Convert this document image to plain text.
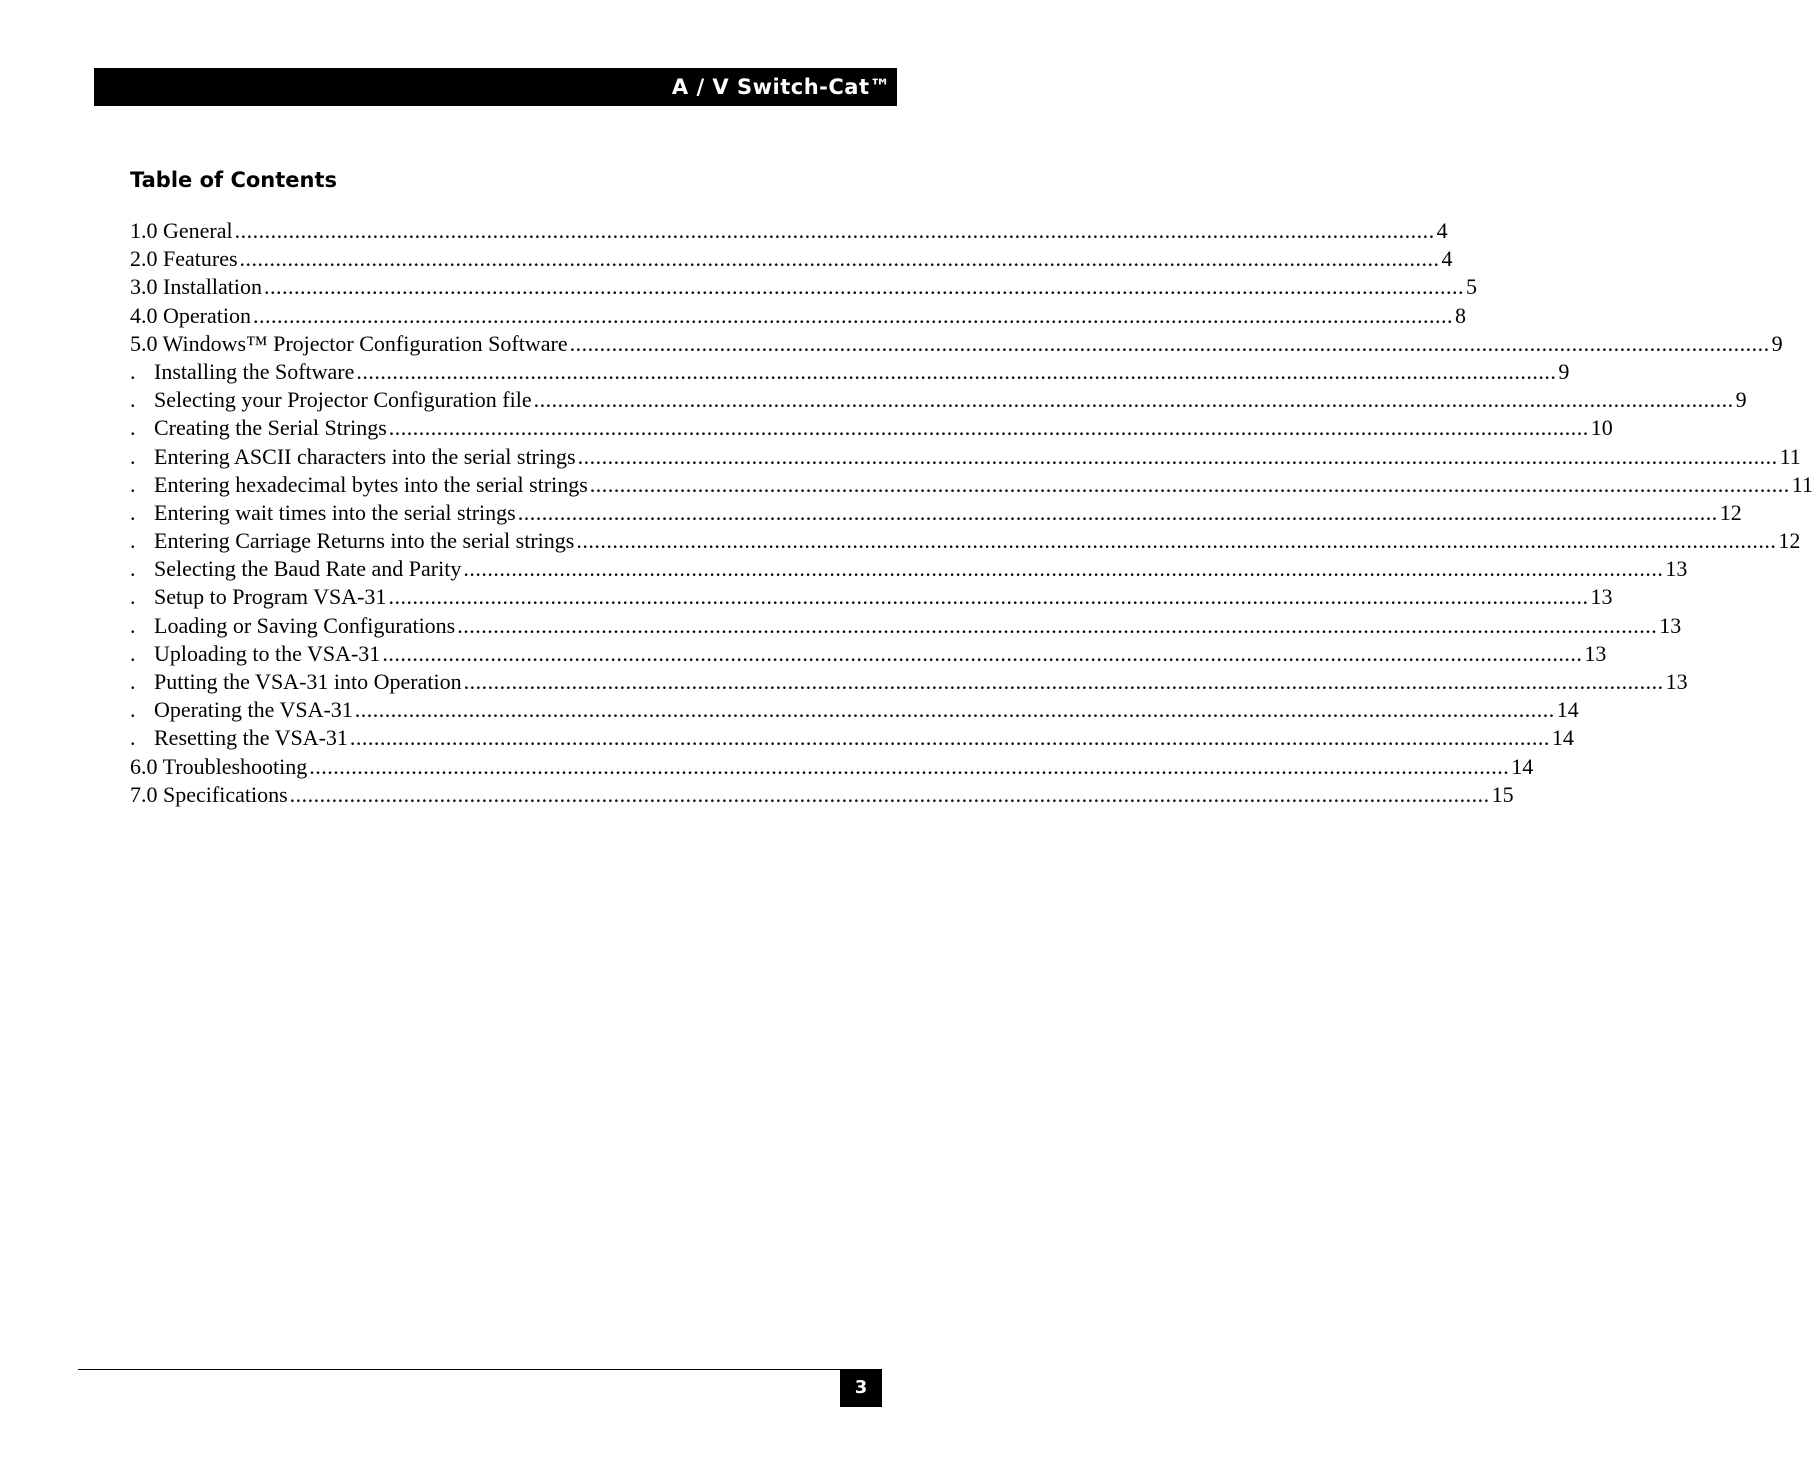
A / V Switch-Cat™
Table of Contents
1.0 General ........................................................................................................................................................................................................ 4
2.0 Features ........................................................................................................................................................................................................ 4
3.0 Installation ........................................................................................................................................................................................................ 5
4.0 Operation ........................................................................................................................................................................................................ 8
5.0 Windows™ Projector Configuration Software ........................................................................................................................................................................................................ 9
. Installing the Software ........................................................................................................................................................................................................ 9
. Selecting your Projector Configuration file ........................................................................................................................................................................................................ 9
. Creating the Serial Strings ........................................................................................................................................................................................................ 10
. Entering ASCII characters into the serial strings ........................................................................................................................................................................................................ 11
. Entering hexadecimal bytes into the serial strings ........................................................................................................................................................................................................ 11
. Entering wait times into the serial strings ........................................................................................................................................................................................................ 12
. Entering Carriage Returns into the serial strings ........................................................................................................................................................................................................ 12
. Selecting the Baud Rate and Parity ........................................................................................................................................................................................................ 13
. Setup to Program VSA-31 ........................................................................................................................................................................................................ 13
. Loading or Saving Configurations ........................................................................................................................................................................................................ 13
. Uploading to the VSA-31 ........................................................................................................................................................................................................ 13
. Putting the VSA-31 into Operation ........................................................................................................................................................................................................ 13
. Operating the VSA-31 ........................................................................................................................................................................................................ 14
. Resetting the VSA-31 ........................................................................................................................................................................................................ 14
6.0 Troubleshooting ........................................................................................................................................................................................................ 14
7.0 Specifications ........................................................................................................................................................................................................ 15
3
